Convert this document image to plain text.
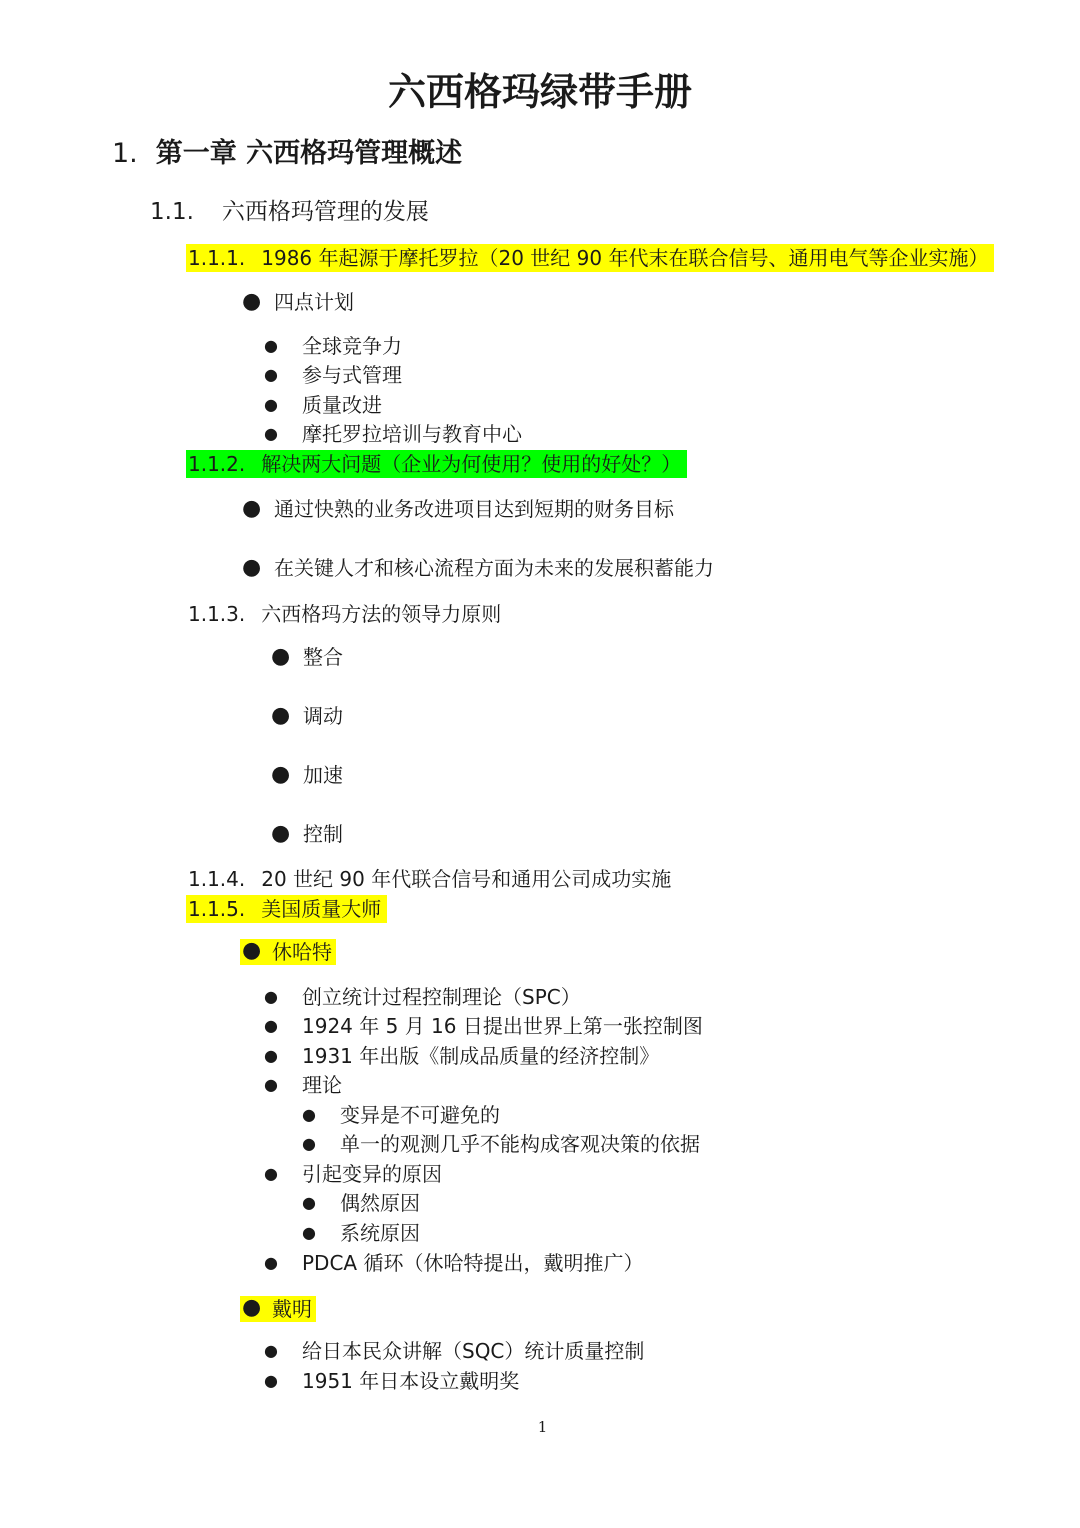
六西格玛绿带手册
1. 第一章 六西格玛管理概述
1.1. 六西格玛管理的发展
1.1.1. 1986 年起源于摩托罗拉（20 世纪 90 年代末在联合信号、通用电气等企业实施）
● 四点计划
● 全球竞争力
● 参与式管理
● 质量改进
● 摩托罗拉培训与教育中心
1.1.2. 解决两大问题（企业为何使用？使用的好处？）
● 通过快熟的业务改进项目达到短期的财务目标
● 在关键人才和核心流程方面为未来的发展积蓄能力
1.1.3. 六西格玛方法的领导力原则
● 整合
● 调动
● 加速
● 控制
1.1.4. 20 世纪 90 年代联合信号和通用公司成功实施
1.1.5. 美国质量大师
● 休哈特
● 创立统计过程控制理论（SPC）
● 1924 年 5 月 16 日提出世界上第一张控制图
● 1931 年出版《制成品质量的经济控制》
● 理论
● 变异是不可避免的
● 单一的观测几乎不能构成客观决策的依据
● 引起变异的原因
● 偶然原因
● 系统原因
● PDCA 循环（休哈特提出，戴明推广）
● 戴明
● 给日本民众讲解（SQC）统计质量控制
● 1951 年日本设立戴明奖
1
